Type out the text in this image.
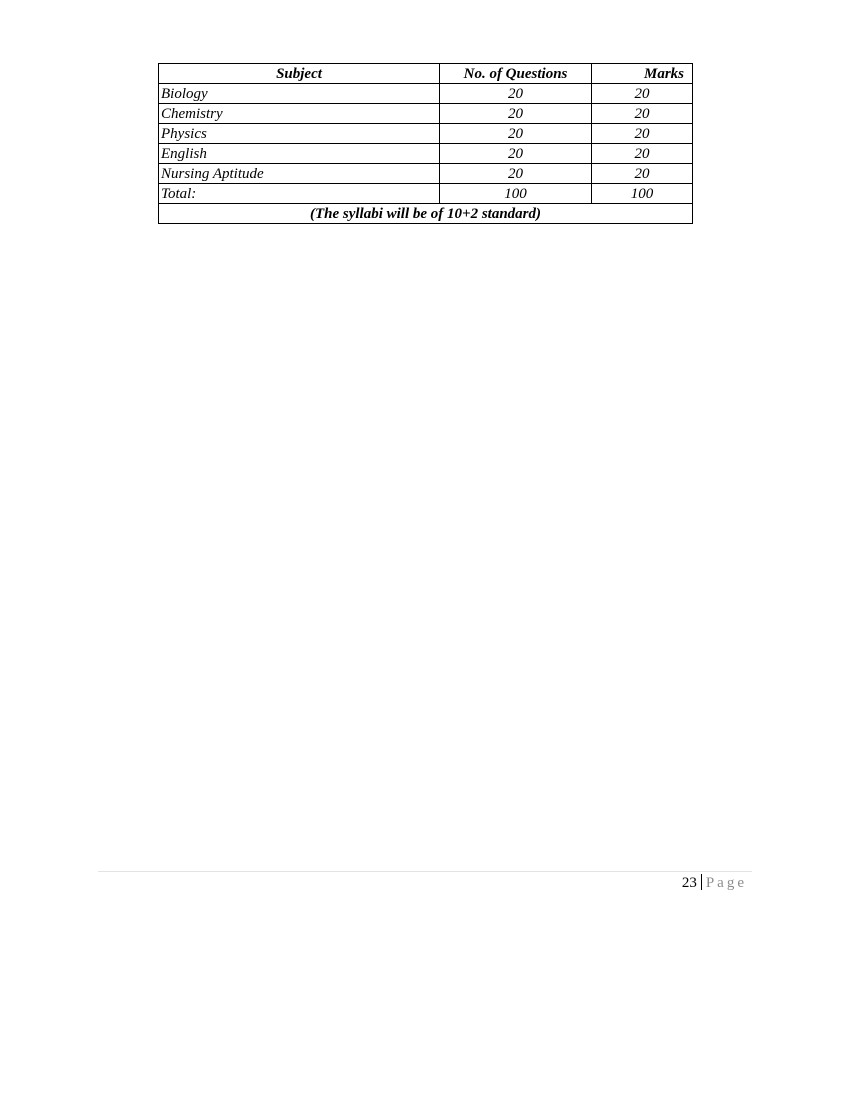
Subject	No. of Questions	Marks
Biology	20	20
Chemistry	20	20
Physics	20	20
English	20	20
Nursing Aptitude	20	20
Total:	100	100
(The syllabi will be of 10+2 standard)		
23 Page
